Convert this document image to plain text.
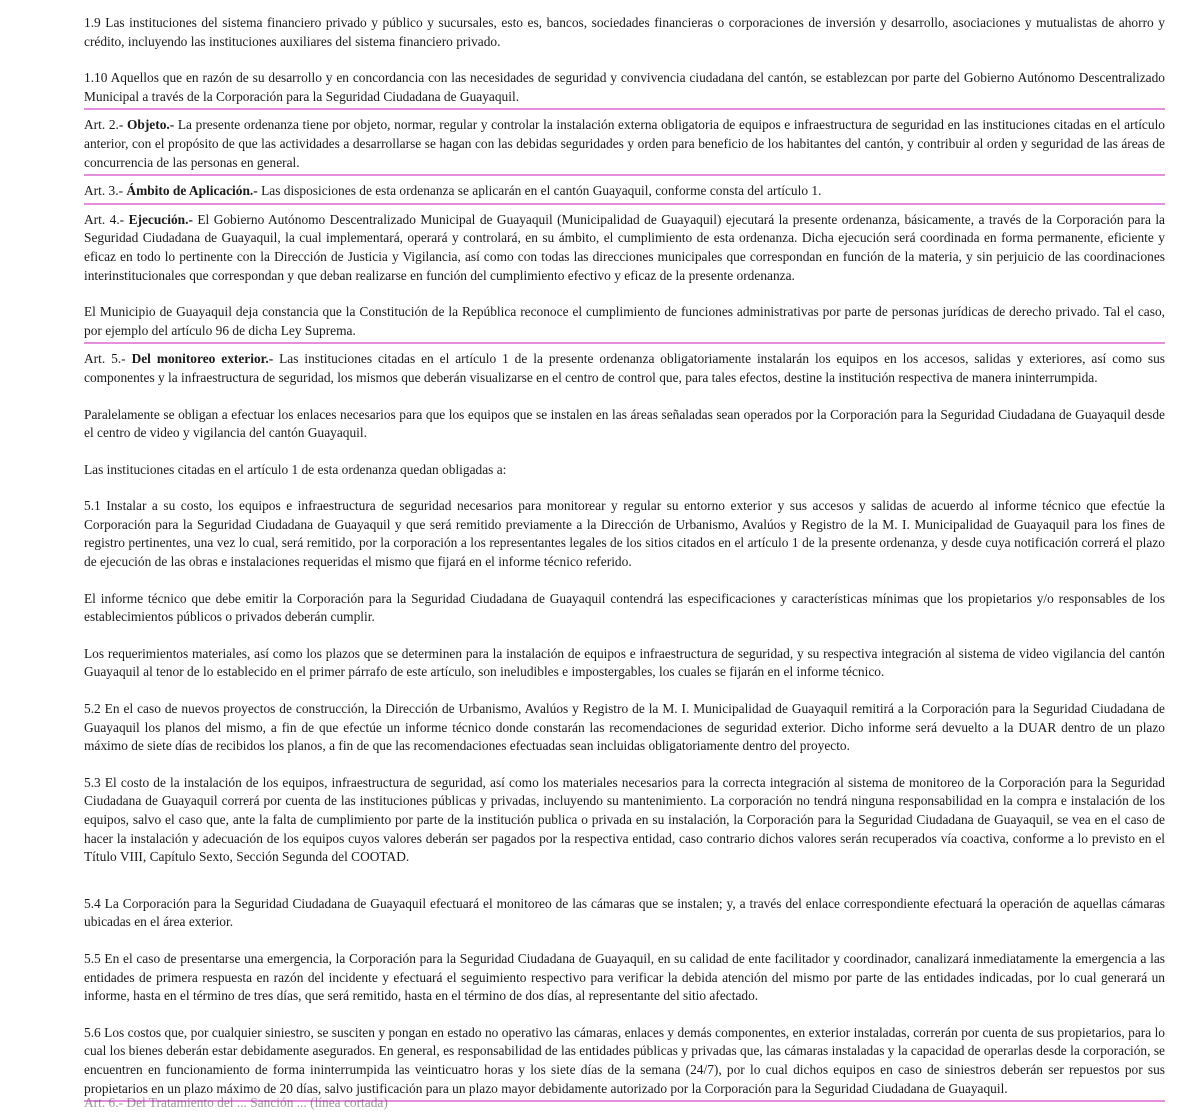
1.9 Las instituciones del sistema financiero privado y público y sucursales, esto es, bancos, sociedades financieras o corporaciones de inversión y desarrollo, asociaciones y mutualistas de ahorro y crédito, incluyendo las instituciones auxiliares del sistema financiero privado.

1.10 Aquellos que en razón de su desarrollo y en concordancia con las necesidades de seguridad y convivencia ciudadana del cantón, se establezcan por parte del Gobierno Autónomo Descentralizado Municipal a través de la Corporación para la Seguridad Ciudadana de Guayaquil.

Art. 2.- Objeto.- La presente ordenanza tiene por objeto, normar, regular y controlar la instalación externa obligatoria de equipos e infraestructura de seguridad en las instituciones citadas en el artículo anterior, con el propósito de que las actividades a desarrollarse se hagan con las debidas seguridades y orden para beneficio de los habitantes del cantón, y contribuir al orden y seguridad de las áreas de concurrencia de las personas en general.

Art. 3.- Ámbito de Aplicación.- Las disposiciones de esta ordenanza se aplicarán en el cantón Guayaquil, conforme consta del artículo 1.

Art. 4.- Ejecución.- El Gobierno Autónomo Descentralizado Municipal de Guayaquil (Municipalidad de Guayaquil) ejecutará la presente ordenanza, básicamente, a través de la Corporación para la Seguridad Ciudadana de Guayaquil, la cual implementará, operará y controlará, en su ámbito, el cumplimiento de esta ordenanza. Dicha ejecución será coordinada en forma permanente, eficiente y eficaz en todo lo pertinente con la Dirección de Justicia y Vigilancia, así como con todas las direcciones municipales que correspondan en función de la materia, y sin perjuicio de las coordinaciones interinstitucionales que correspondan y que deban realizarse en función del cumplimiento efectivo y eficaz de la presente ordenanza.

El Municipio de Guayaquil deja constancia que la Constitución de la República reconoce el cumplimiento de funciones administrativas por parte de personas jurídicas de derecho privado. Tal el caso, por ejemplo del artículo 96 de dicha Ley Suprema.

Art. 5.- Del monitoreo exterior.- Las instituciones citadas en el artículo 1 de la presente ordenanza obligatoriamente instalarán los equipos en los accesos, salidas y exteriores, así como sus componentes y la infraestructura de seguridad, los mismos que deberán visualizarse en el centro de control que, para tales efectos, destine la institución respectiva de manera ininterrumpida.

Paralelamente se obligan a efectuar los enlaces necesarios para que los equipos que se instalen en las áreas señaladas sean operados por la Corporación para la Seguridad Ciudadana de Guayaquil desde el centro de video y vigilancia del cantón Guayaquil.

Las instituciones citadas en el artículo 1 de esta ordenanza quedan obligadas a:

5.1 Instalar a su costo, los equipos e infraestructura de seguridad necesarios para monitorear y regular su entorno exterior y sus accesos y salidas de acuerdo al informe técnico que efectúe la Corporación para la Seguridad Ciudadana de Guayaquil y que será remitido previamente a la Dirección de Urbanismo, Avalúos y Registro de la M. I. Municipalidad de Guayaquil para los fines de registro pertinentes, una vez lo cual, será remitido, por la corporación a los representantes legales de los sitios citados en el artículo 1 de la presente ordenanza, y desde cuya notificación correrá el plazo de ejecución de las obras e instalaciones requeridas el mismo que fijará en el informe técnico referido.

El informe técnico que debe emitir la Corporación para la Seguridad Ciudadana de Guayaquil contendrá las especificaciones y características mínimas que los propietarios y/o responsables de los establecimientos públicos o privados deberán cumplir.

Los requerimientos materiales, así como los plazos que se determinen para la instalación de equipos e infraestructura de seguridad, y su respectiva integración al sistema de video vigilancia del cantón Guayaquil al tenor de lo establecido en el primer párrafo de este artículo, son ineludibles e impostergables, los cuales se fijarán en el informe técnico.

5.2 En el caso de nuevos proyectos de construcción, la Dirección de Urbanismo, Avalúos y Registro de la M. I. Municipalidad de Guayaquil remitirá a la Corporación para la Seguridad Ciudadana de Guayaquil los planos del mismo, a fin de que efectúe un informe técnico donde constarán las recomendaciones de seguridad exterior. Dicho informe será devuelto a la DUAR dentro de un plazo máximo de siete días de recibidos los planos, a fin de que las recomendaciones efectuadas sean incluidas obligatoriamente dentro del proyecto.

5.3 El costo de la instalación de los equipos, infraestructura de seguridad, así como los materiales necesarios para la correcta integración al sistema de monitoreo de la Corporación para la Seguridad Ciudadana de Guayaquil correrá por cuenta de las instituciones públicas y privadas, incluyendo su mantenimiento. La corporación no tendrá ninguna responsabilidad en la compra e instalación de los equipos, salvo el caso que, ante la falta de cumplimiento por parte de la institución publica o privada en su instalación, la Corporación para la Seguridad Ciudadana de Guayaquil, se vea en el caso de hacer la instalación y adecuación de los equipos cuyos valores deberán ser pagados por la respectiva entidad, caso contrario dichos valores serán recuperados vía coactiva, conforme a lo previsto en el Título VIII, Capítulo Sexto, Sección Segunda del COOTAD.

5.4 La Corporación para la Seguridad Ciudadana de Guayaquil efectuará el monitoreo de las cámaras que se instalen; y, a través del enlace correspondiente efectuará la operación de aquellas cámaras ubicadas en el área exterior.

5.5 En el caso de presentarse una emergencia, la Corporación para la Seguridad Ciudadana de Guayaquil, en su calidad de ente facilitador y coordinador, canalizará inmediatamente la emergencia a las entidades de primera respuesta en razón del incidente y efectuará el seguimiento respectivo para verificar la debida atención del mismo por parte de las entidades indicadas, por lo cual generará un informe, hasta en el término de tres días, que será remitido, hasta en el término de dos días, al representante del sitio afectado.

5.6 Los costos que, por cualquier siniestro, se susciten y pongan en estado no operativo las cámaras, enlaces y demás componentes, en exterior instaladas, correrán por cuenta de sus propietarios, para lo cual los bienes deberán estar debidamente asegurados. En general, es responsabilidad de las entidades públicas y privadas que, las cámaras instaladas y la capacidad de operarlas desde la corporación, se encuentren en funcionamiento de forma ininterrumpida las veinticuatro horas y los siete días de la semana (24/7), por lo cual dichos equipos en caso de siniestros deberán ser repuestos por sus propietarios en un plazo máximo de 20 días, salvo justificación para un plazo mayor debidamente autorizado por la Corporación para la Seguridad Ciudadana de Guayaquil.

Art. 6.- Del Tratamiento del ... Sanción ... (línea cortada)
